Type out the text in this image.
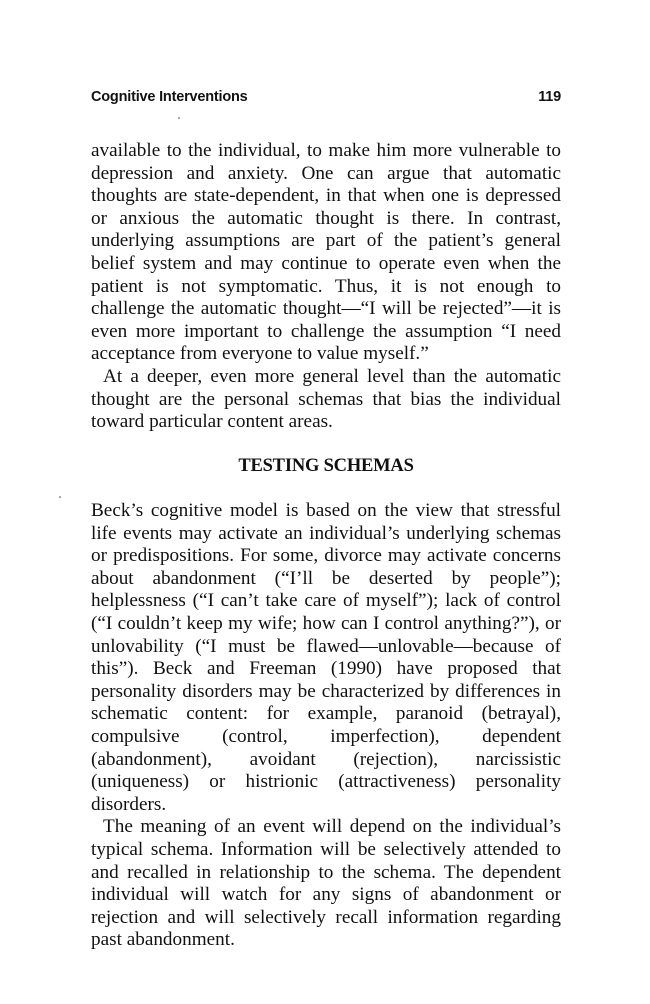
Cognitive Interventions	119

available to the individual, to make him more vulnerable to depression and anxiety. One can argue that automatic thoughts are state-dependent, in that when one is depressed or anxious the automatic thought is there. In contrast, underlying assumptions are part of the patient’s general belief system and may continue to operate even when the patient is not symptomatic. Thus, it is not enough to challenge the automatic thought—“I will be rejected”—it is even more important to challenge the assumption “I need acceptance from everyone to value myself.”

At a deeper, even more general level than the automatic thought are the personal schemas that bias the individual toward particular content areas.

TESTING SCHEMAS

Beck’s cognitive model is based on the view that stressful life events may activate an individual’s underlying schemas or predispositions. For some, divorce may activate concerns about abandonment (“I’ll be deserted by people”); helplessness (“I can’t take care of myself”); lack of control (“I couldn’t keep my wife; how can I control anything?”), or unlovability (“I must be flawed—unlovable—because of this”). Beck and Freeman (1990) have proposed that personality disorders may be characterized by differences in schematic content: for example, paranoid (betrayal), compulsive (control, imperfection), dependent (abandonment), avoidant (rejection), narcissistic (uniqueness) or histrionic (attractiveness) personality disorders.

The meaning of an event will depend on the individual’s typical schema. Information will be selectively attended to and recalled in relationship to the schema. The dependent individual will watch for any signs of abandonment or rejection and will selectively recall information regarding past abandonment.
